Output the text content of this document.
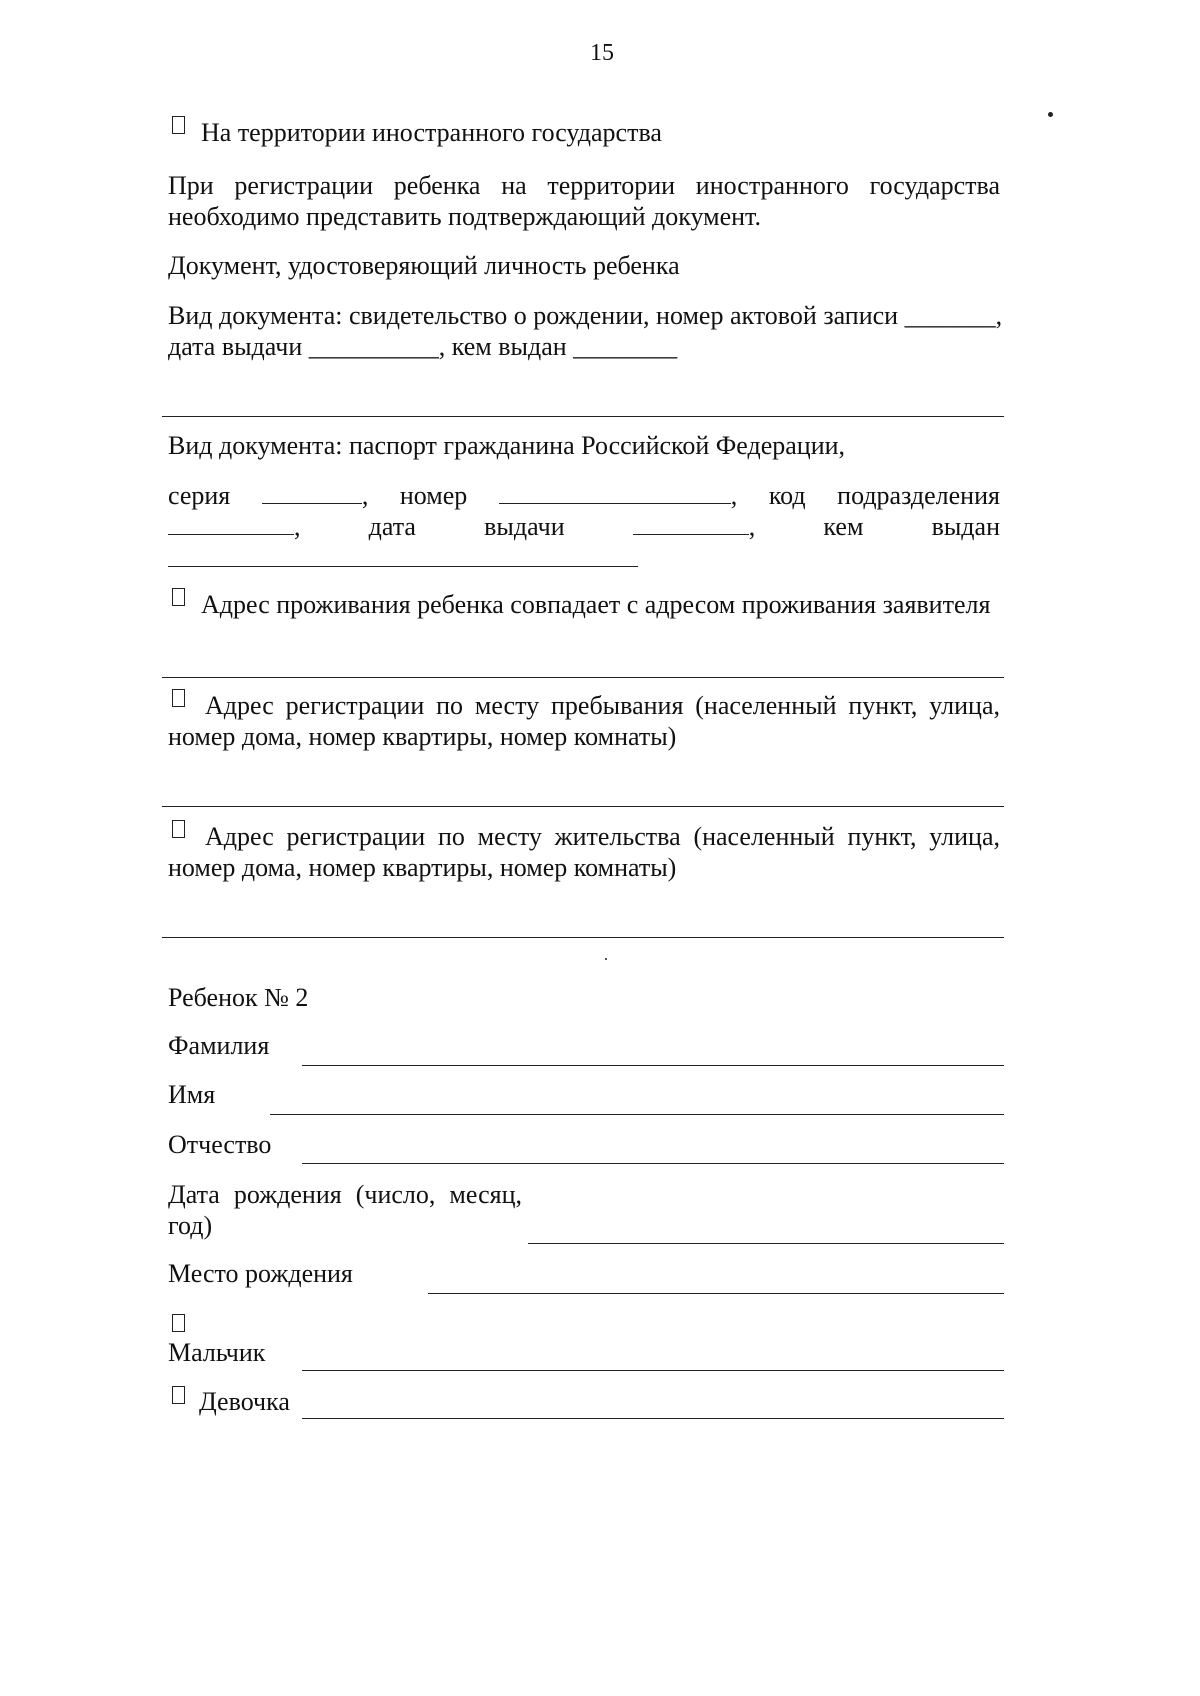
15
На территории иностранного государства
При регистрации ребенка на территории иностранного государства
необходимо представить подтверждающий документ.
Документ, удостоверяющий личность ребенка
Вид документа: свидетельство о рождении, номер актовой записи _______,
дата выдачи __________, кем выдан ________
Вид документа: паспорт гражданина Российской Федерации,
серия	, номер	, код подразделения
,	дата	выдачи	,	кем	выдан
Адрес проживания ребенка совпадает с адресом проживания заявителя
Адрес регистрации по месту пребывания (населенный пункт, улица,
номер дома, номер квартиры, номер комнаты)
Адрес регистрации по месту жительства (населенный пункт, улица,
номер дома, номер квартиры, номер комнаты)
Ребенок № 2
Фамилия
Имя
Отчество
Дата рождения (число, месяц,
год)
Место рождения
Мальчик
Девочка
